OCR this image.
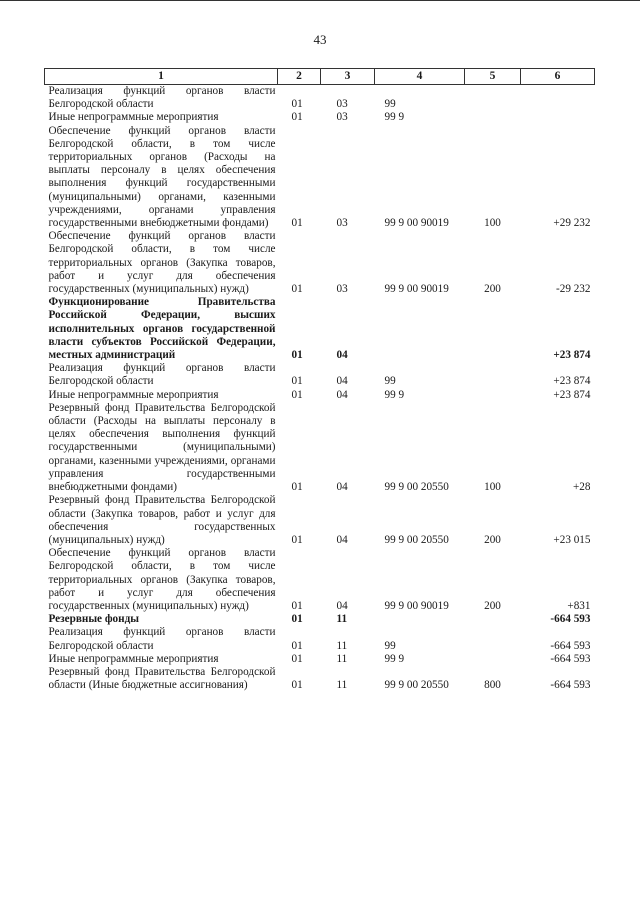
43
1	2	3	4	5	6
Реализация функций органов власти Белгородской области	01	03	99		
Иные непрограммные мероприятия	01	03	99 9		
Обеспечение функций органов власти Белгородской области, в том числе территориальных органов (Расходы на выплаты персоналу в целях обеспечения выполнения функций государственными (муниципальными) органами, казенными учреждениями, органами управления государственными внебюджетными фондами)	01	03	99 9 00 90019	100	+29 232
Обеспечение функций органов власти Белгородской области, в том числе территориальных органов (Закупка товаров, работ и услуг для обеспечения государственных (муниципальных) нужд)	01	03	99 9 00 90019	200	-29 232
Функционирование Правительства Российской Федерации, высших исполнительных органов государственной власти субъектов Российской Федерации, местных администраций	01	04			+23 874
Реализация функций органов власти Белгородской области	01	04	99		+23 874
Иные непрограммные мероприятия	01	04	99 9		+23 874
Резервный фонд Правительства Белгородской области (Расходы на выплаты персоналу в целях обеспечения выполнения функций государственными (муниципальными) органами, казенными учреждениями, органами управления государственными внебюджетными фондами)	01	04	99 9 00 20550	100	+28
Резервный фонд Правительства Белгородской области (Закупка товаров, работ и услуг для обеспечения государственных (муниципальных) нужд)	01	04	99 9 00 20550	200	+23 015
Обеспечение функций органов власти Белгородской области, в том числе территориальных органов (Закупка товаров, работ и услуг для обеспечения государственных (муниципальных) нужд)	01	04	99 9 00 90019	200	+831
Резервные фонды	01	11			-664 593
Реализация функций органов власти Белгородской области	01	11	99		-664 593
Иные непрограммные мероприятия	01	11	99 9		-664 593
Резервный фонд Правительства Белгородской области (Иные бюджетные ассигнования)	01	11	99 9 00 20550	800	-664 593
